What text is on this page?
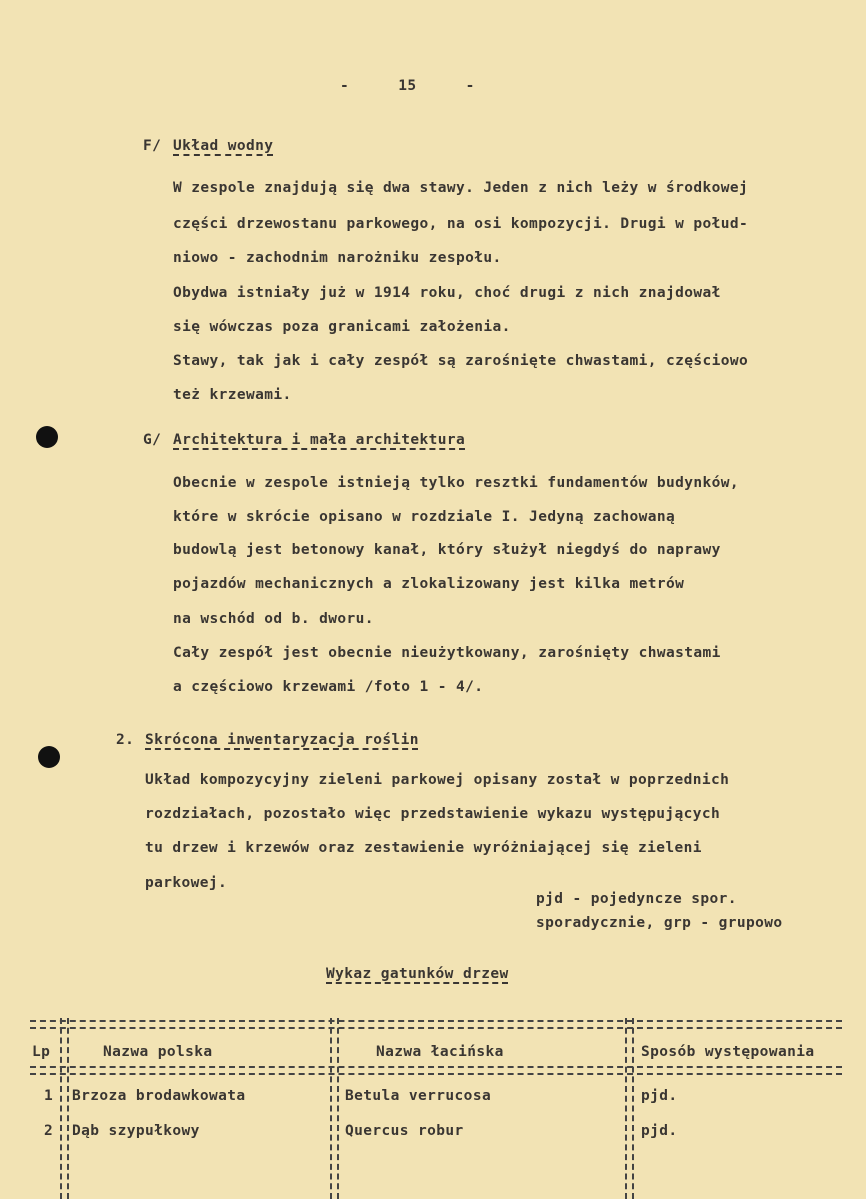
- 15 -
F/ Układ wodny
W zespole znajdują się dwa stawy. Jeden z nich leży w środkowej
części drzewostanu parkowego, na osi kompozycji. Drugi w połud-
niowo - zachodnim narożniku zespołu.
Obydwa istniały już w 1914 roku, choć drugi z nich znajdował
się wówczas poza granicami założenia.
Stawy, tak jak i cały zespół są zarośnięte chwastami, częściowo
też krzewami.
G/ Architektura i mała architektura
Obecnie w zespole istnieją tylko resztki fundamentów budynków,
które w skrócie opisano w rozdziale I. Jedyną zachowaną
budowlą jest betonowy kanał, który służył niegdyś do naprawy
pojazdów mechanicznych a zlokalizowany jest kilka metrów
na wschód od b. dworu.
Cały zespół jest obecnie nieużytkowany, zarośnięty chwastami
a częściowo krzewami /foto 1 - 4/.
2. Skrócona inwentaryzacja roślin
Układ kompozycyjny zieleni parkowej opisany został w poprzednich
rozdziałach, pozostało więc przedstawienie wykazu występujących
tu drzew i krzewów oraz zestawienie wyróżniającej się zieleni
parkowej.
pjd - pojedyncze spor.
sporadycznie, grp - grupowo
Wykaz gatunków drzew
Lp	Nazwa polska	Nazwa łacińska	Sposób występowania
1 Brzoza brodawkowata	Betula verrucosa	pjd.
2 Dąb szypułkowy	Quercus robur	pjd.
